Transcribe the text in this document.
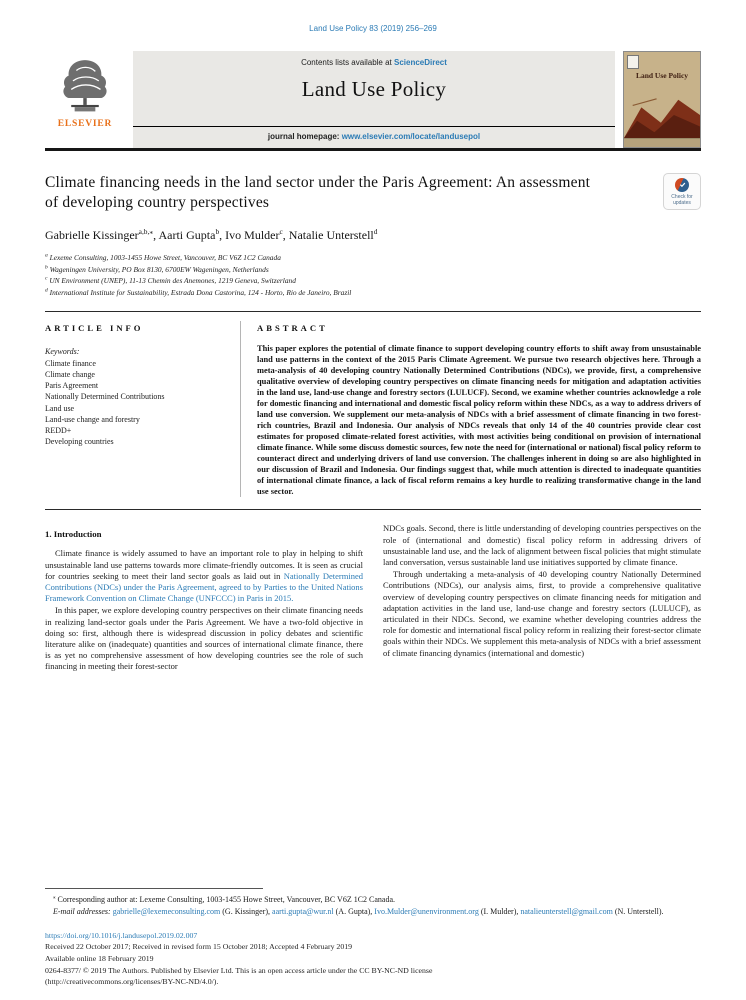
Land Use Policy 83 (2019) 256–269
ELSEVIER
Contents lists available at ScienceDirect
Land Use Policy
journal homepage: www.elsevier.com/locate/landusepol
Land Use Policy
Climate financing needs in the land sector under the Paris Agreement: An assessment of developing country perspectives	Check for updates
Gabrielle Kissinger$^{a,b,⁎}$, Aarti Gupta$^b$, Ivo Mulder$^c$, Natalie Unterstell$^d$
$^a$ Lexeme Consulting, 1003-1455 Howe Street, Vancouver, BC V6Z 1C2 Canada
$^b$ Wageningen University, PO Box 8130, 6700EW Wageningen, Netherlands
$^c$ UN Environment (UNEP), 11-13 Chemin des Anemones, 1219 Geneva, Switzerland
$^d$ International Institute for Sustainability, Estrada Dona Castorina, 124 - Horto, Rio de Janeiro, Brazil
ARTICLE INFO
Keywords:
Climate finance
Climate change
Paris Agreement
Nationally Determined Contributions
Land use
Land-use change and forestry
REDD+
Developing countries
ABSTRACT

This paper explores the potential of climate finance to support developing country efforts to shift away from unsustainable land use patterns in the context of the 2015 Paris Climate Agreement. We pursue two research objectives here. Through a meta-analysis of 40 developing country Nationally Determined Contributions (NDCs), we provide, first, a comprehensive qualitative overview of developing country perspectives on climate financing needs for mitigation and adaptation activities in the land use, land-use change and forestry sectors (LULUCF). Second, we examine whether countries acknowledge a role for domestic financing and international and domestic fiscal policy reform within these NDCs, as a way to address drivers of land use conversion. We supplement our meta-analysis of NDCs with a brief assessment of climate financing in two forest-rich countries, Brazil and Indonesia. Our analysis of NDCs reveals that only 14 of the 40 countries provide clear cost estimates for proposed climate-related forest activities, with most activities being conditional on provision of international climate finance. While some discuss domestic sources, few note the need for (international or national) fiscal policy reform to counteract direct and underlying drivers of land use conversion. The challenges inherent in doing so are also highlighted in our discussion of Brazil and Indonesia. Our findings suggest that, while much attention is directed to inadequate quantities of international climate finance, a lack of fiscal reform remains a key hurdle to realizing transformative change in the land use sector.

1. Introduction

Climate finance is widely assumed to have an important role to play in helping to shift unsustainable land use patterns towards more climate-friendly outcomes. It is seen as crucial for countries seeking to meet their land sector goals as laid out in Nationally Determined Contributions (NDCs) under the Paris Agreement, agreed to by Parties to the United Nations Framework Convention on Climate Change (UNFCCC) in Paris in 2015.

In this paper, we explore developing country perspectives on their climate financing needs in realizing land-sector goals under the Paris Agreement. We have a two-fold objective in doing so: first, although there is widespread discussion in policy debates and scientific literature alike on (inadequate) quantities and sources of international climate finance, there is as yet no comprehensive assessment of how developing countries see the role of such financing in meeting their forest-sector

NDCs goals. Second, there is little understanding of developing countries perspectives on the role of (international and domestic) fiscal policy reform in addressing drivers of unsustainable land use, and the lack of alignment between fiscal policies that might stimulate land conversation, versus sustainable land use initiatives supported by climate finance.

Through undertaking a meta-analysis of 40 developing country Nationally Determined Contributions (NDCs), our analysis aims, first, to provide a comprehensive qualitative overview of developing country perspectives on climate financing needs for mitigation and adaptation activities in the land use, land-use change and forestry sectors (LULUCF), as articulated in their NDCs. Second, we examine whether developing countries address the role for domestic and international fiscal policy reform in realizing their forest-sector climate goals within their NDCs. We supplement this meta-analysis of NDCs with a brief assessment of climate financing dynamics (international and domestic)

⁎ Corresponding author at: Lexeme Consulting, 1003-1455 Howe Street, Vancouver, BC V6Z 1C2 Canada.

E-mail addresses: gabrielle@lexemeconsulting.com (G. Kissinger), aarti.gupta@wur.nl (A. Gupta), Ivo.Mulder@unenvironment.org (I. Mulder), natalieunterstell@gmail.com (N. Unterstell).

https://doi.org/10.1016/j.landusepol.2019.02.007
Received 22 October 2017; Received in revised form 15 October 2018; Accepted 4 February 2019
Available online 18 February 2019
0264-8377/ © 2019 The Authors. Published by Elsevier Ltd. This is an open access article under the CC BY-NC-ND license
(http://creativecommons.org/licenses/BY-NC-ND/4.0/).
